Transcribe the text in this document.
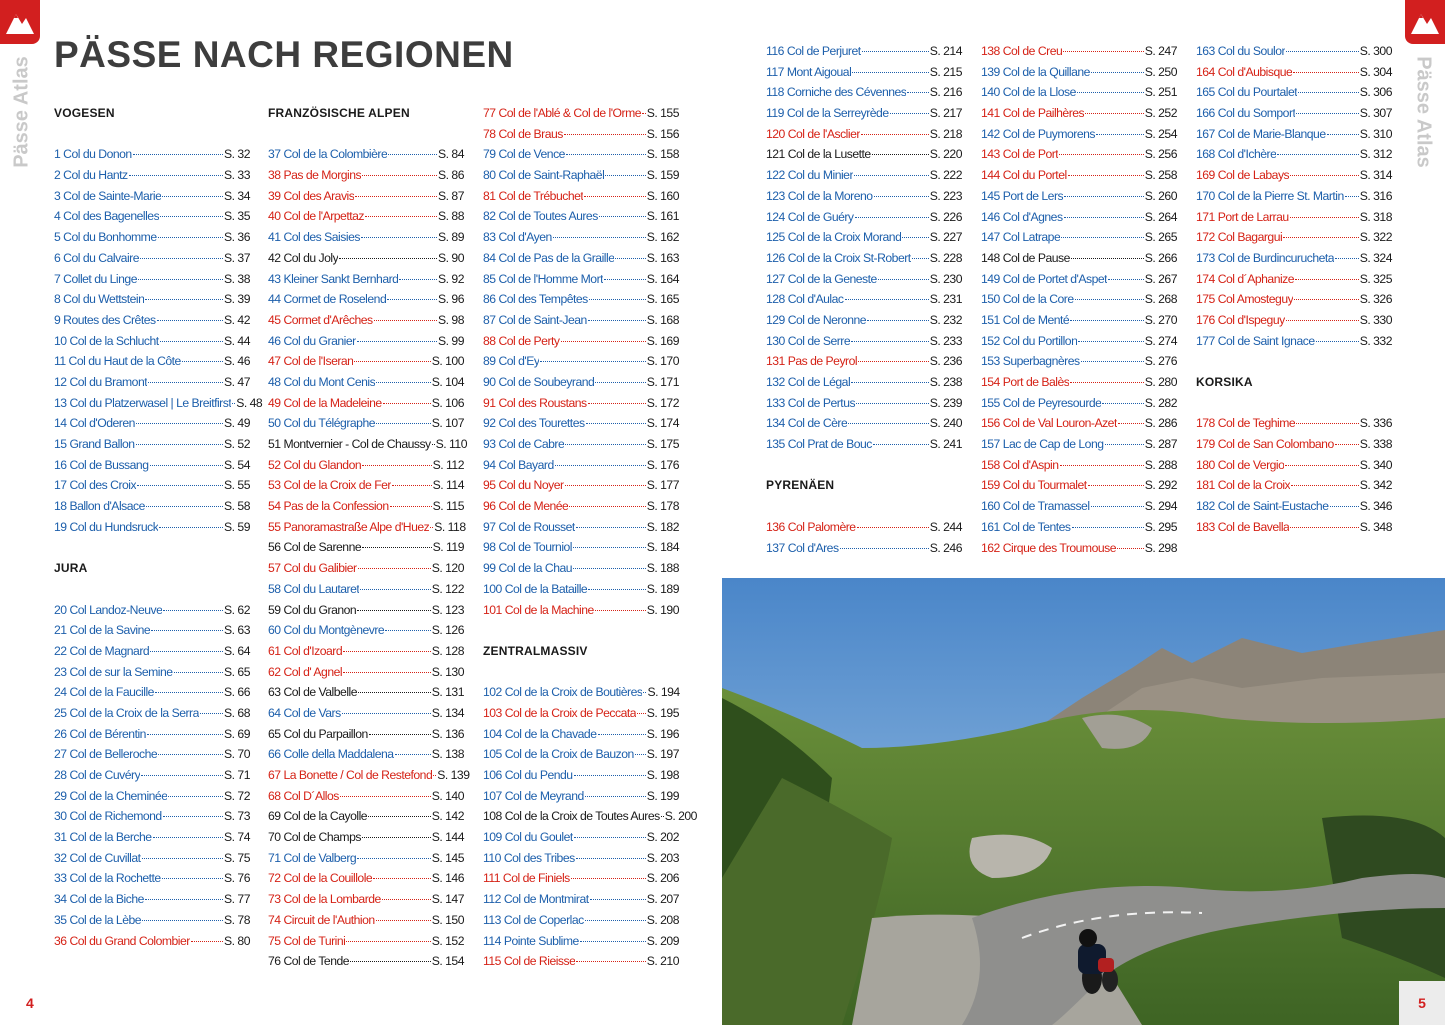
Pässe Atlas
PÄSSE NACH REGIONEN
VOGESEN
1 Col du Donon	S. 32
2 Col du Hantz	S. 33
3 Col de Sainte-Marie	S. 34
4 Col des Bagenelles	S. 35
5 Col du Bonhomme	S. 36
6 Col du Calvaire	S. 37
7 Collet du Linge	S. 38
8 Col du Wettstein	S. 39
9 Routes des Crêtes	S. 42
10 Col de la Schlucht	S. 44
11 Col du Haut de la Côte	S. 46
12 Col du Bramont	S. 47
13 Col du Platzerwasel | Le Breitfirst S. 48
14 Col d'Oderen	S. 49
15 Grand Ballon	S. 52
16 Col de Bussang	S. 54
17 Col des Croix	S. 55
18 Ballon d'Alsace	S. 58
19 Col du Hundsruck	S. 59
JURA
20 Col Landoz-Neuve	S. 62
21 Col de la Savine	S. 63
22 Col de Magnard	S. 64
23 Col de sur la Semine	S. 65
24 Col de la Faucille	S. 66
25 Col de la Croix de la Serra S. 68
26 Col de Bérentin	S. 69
27 Col de Belleroche	S. 70
28 Col de Cuvéry	S. 71
29 Col de la Cheminée	S. 72
30 Col de Richemond	S. 73
31 Col de la Berche	S. 74
32 Col de Cuvillat	S. 75
33 Col de la Rochette	S. 76
34 Col de la Biche	S. 77
35 Col de la Lèbe	S. 78
36 Col du Grand Colombier	S. 80
FRANZÖSISCHE ALPEN
37 Col de la Colombière	S. 84
38 Pas de Morgins	S. 86
39 Col des Aravis	S. 87
40 Col de l'Arpettaz	S. 88
41 Col des Saisies	S. 89
42 Col du Joly	S. 90
43 Kleiner Sankt Bernhard	S. 92
44 Cormet de Roselend	S. 96
45 Cormet d'Arêches	S. 98
46 Col du Granier	S. 99
47 Col de l'Iseran	S. 100
48 Col du Mont Cenis	S. 104
49 Col de la Madeleine	S. 106
50 Col du Télégraphe	S. 107
51 Montvernier - Col de Chaussy S. 110
52 Col du Glandon	S. 112
53 Col de la Croix de Fer	S. 114
54 Pas de la Confession	S. 115
55 Panoramastraße Alpe d'Huez S. 118
56 Col de Sarenne	S. 119
57 Col du Galibier	S. 120
58 Col du Lautaret	S. 122
59 Col du Granon	S. 123
60 Col du Montgènevre	S. 126
61 Col d'Izoard	S. 128
62 Col d' Agnel	S. 130
63 Col de Valbelle	S. 131
64 Col de Vars	S. 134
65 Col du Parpaillon	S. 136
66 Colle della Maddalena	S. 138
67 La Bonette / Col de Restefond S. 139
68 Col D´Allos	S. 140
69 Col de la Cayolle	S. 142
70 Col de Champs	S. 144
71 Col de Valberg	S. 145
72 Col de la Couillole	S. 146
73 Col de la Lombarde	S. 147
74 Circuit de l'Authion	S. 150
75 Col de Turini	S. 152
76 Col de Tende	S. 154
77 Col de l'Ablé & Col de l'Orme S. 155
78 Col de Braus	S. 156
79 Col de Vence	S. 158
80 Col de Saint-Raphaël	S. 159
81 Col de Trébuchet	S. 160
82 Col de Toutes Aures	S. 161
83 Col d'Ayen	S. 162
84 Col de Pas de la Graille	S. 163
85 Col de l'Homme Mort	S. 164
86 Col des Tempêtes	S. 165
87 Col de Saint-Jean	S. 168
88 Col de Perty	S. 169
89 Col d'Ey	S. 170
90 Col de Soubeyrand	S. 171
91 Col des Roustans	S. 172
92 Col des Tourettes	S. 174
93 Col de Cabre	S. 175
94 Col Bayard	S. 176
95 Col du Noyer	S. 177
96 Col de Menée	S. 178
97 Col de Rousset	S. 182
98 Col de Tourniol	S. 184
99 Col de la Chau	S. 188
100 Col de la Bataille	S. 189
101 Col de la Machine	S. 190
ZENTRALMASSIV
102 Col de la Croix de Boutières S. 194
103 Col de la Croix de Peccata S. 195
104 Col de la Chavade	S. 196
105 Col de la Croix de Bauzon S. 197
106 Col du Pendu	S. 198
107 Col de Meyrand	S. 199
108 Col de la Croix de Toutes Aures S. 200
109 Col du Goulet	S. 202
110 Col des Tribes	S. 203
111 Col de Finiels	S. 206
112 Col de Montmirat	S. 207
113 Col de Coperlac	S. 208
114 Pointe Sublime	S. 209
115 Col de Rieisse	S. 210
4
Pässe Atlas
116 Col de Perjuret	S. 214
117 Mont Aigoual	S. 215
118 Corniche des Cévennes S. 216
119 Col de la Serreyrède	S. 217
120 Col de l'Asclier	S. 218
121 Col de la Lusette	S. 220
122 Col du Minier	S. 222
123 Col de la Moreno	S. 223
124 Col de Guéry	S. 226
125 Col de la Croix Morand S. 227
126 Col de la Croix St-Robert S. 228
127 Col de la Geneste	S. 230
128 Col d'Aulac	S. 231
129 Col de Neronne	S. 232
130 Col de Serre	S. 233
131 Pas de Peyrol	S. 236
132 Col de Légal	S. 238
133 Col de Pertus	S. 239
134 Col de Cère	S. 240
135 Col Prat de Bouc	S. 241
PYRENÄEN
136 Col Palomère	S. 244
137 Col d'Ares	S. 246
138 Col de Creu	S. 247
139 Col de la Quillane	S. 250
140 Col de la Llose	S. 251
141 Col de Pailhères	S. 252
142 Col de Puymorens	S. 254
143 Col de Port	S. 256
144 Col du Portel	S. 258
145 Port de Lers	S. 260
146 Col d'Agnes	S. 264
147 Col Latrape	S. 265
148 Col de Pause	S. 266
149 Col de Portet d'Aspet	S. 267
150 Col de la Core	S. 268
151 Col de Menté	S. 270
152 Col du Portillon	S. 274
153 Superbagnères	S. 276
154 Port de Balès	S. 280
155 Col de Peyresourde	S. 282
156 Col de Val Louron-Azet S. 286
157 Lac de Cap de Long	S. 287
158 Col d'Aspin	S. 288
159 Col du Tourmalet	S. 292
160 Col de Tramassel	S. 294
161 Col de Tentes	S. 295
162 Cirque des Troumouse S. 298
163 Col du Soulor	S. 300
164 Col d'Aubisque	S. 304
165 Col du Pourtalet	S. 306
166 Col du Somport	S. 307
167 Col de Marie-Blanque	S. 310
168 Col d'Ichère	S. 312
169 Col de Labays	S. 314
170 Col de la Pierre St. Martin S. 316
171 Port de Larrau	S. 318
172 Col Bagargui	S. 322
173 Col de Burdincurucheta S. 324
174 Col d´Aphanize	S. 325
175 Col Amosteguy	S. 326
176 Col d'Ispeguy	S. 330
177 Col de Saint Ignace	S. 332
KORSIKA
178 Col de Teghime	S. 336
179 Col de San Colombano S. 338
180 Col de Vergio	S. 340
181 Col de la Croix	S. 342
182 Col de Saint-Eustache	S. 346
183 Col de Bavella	S. 348
5
